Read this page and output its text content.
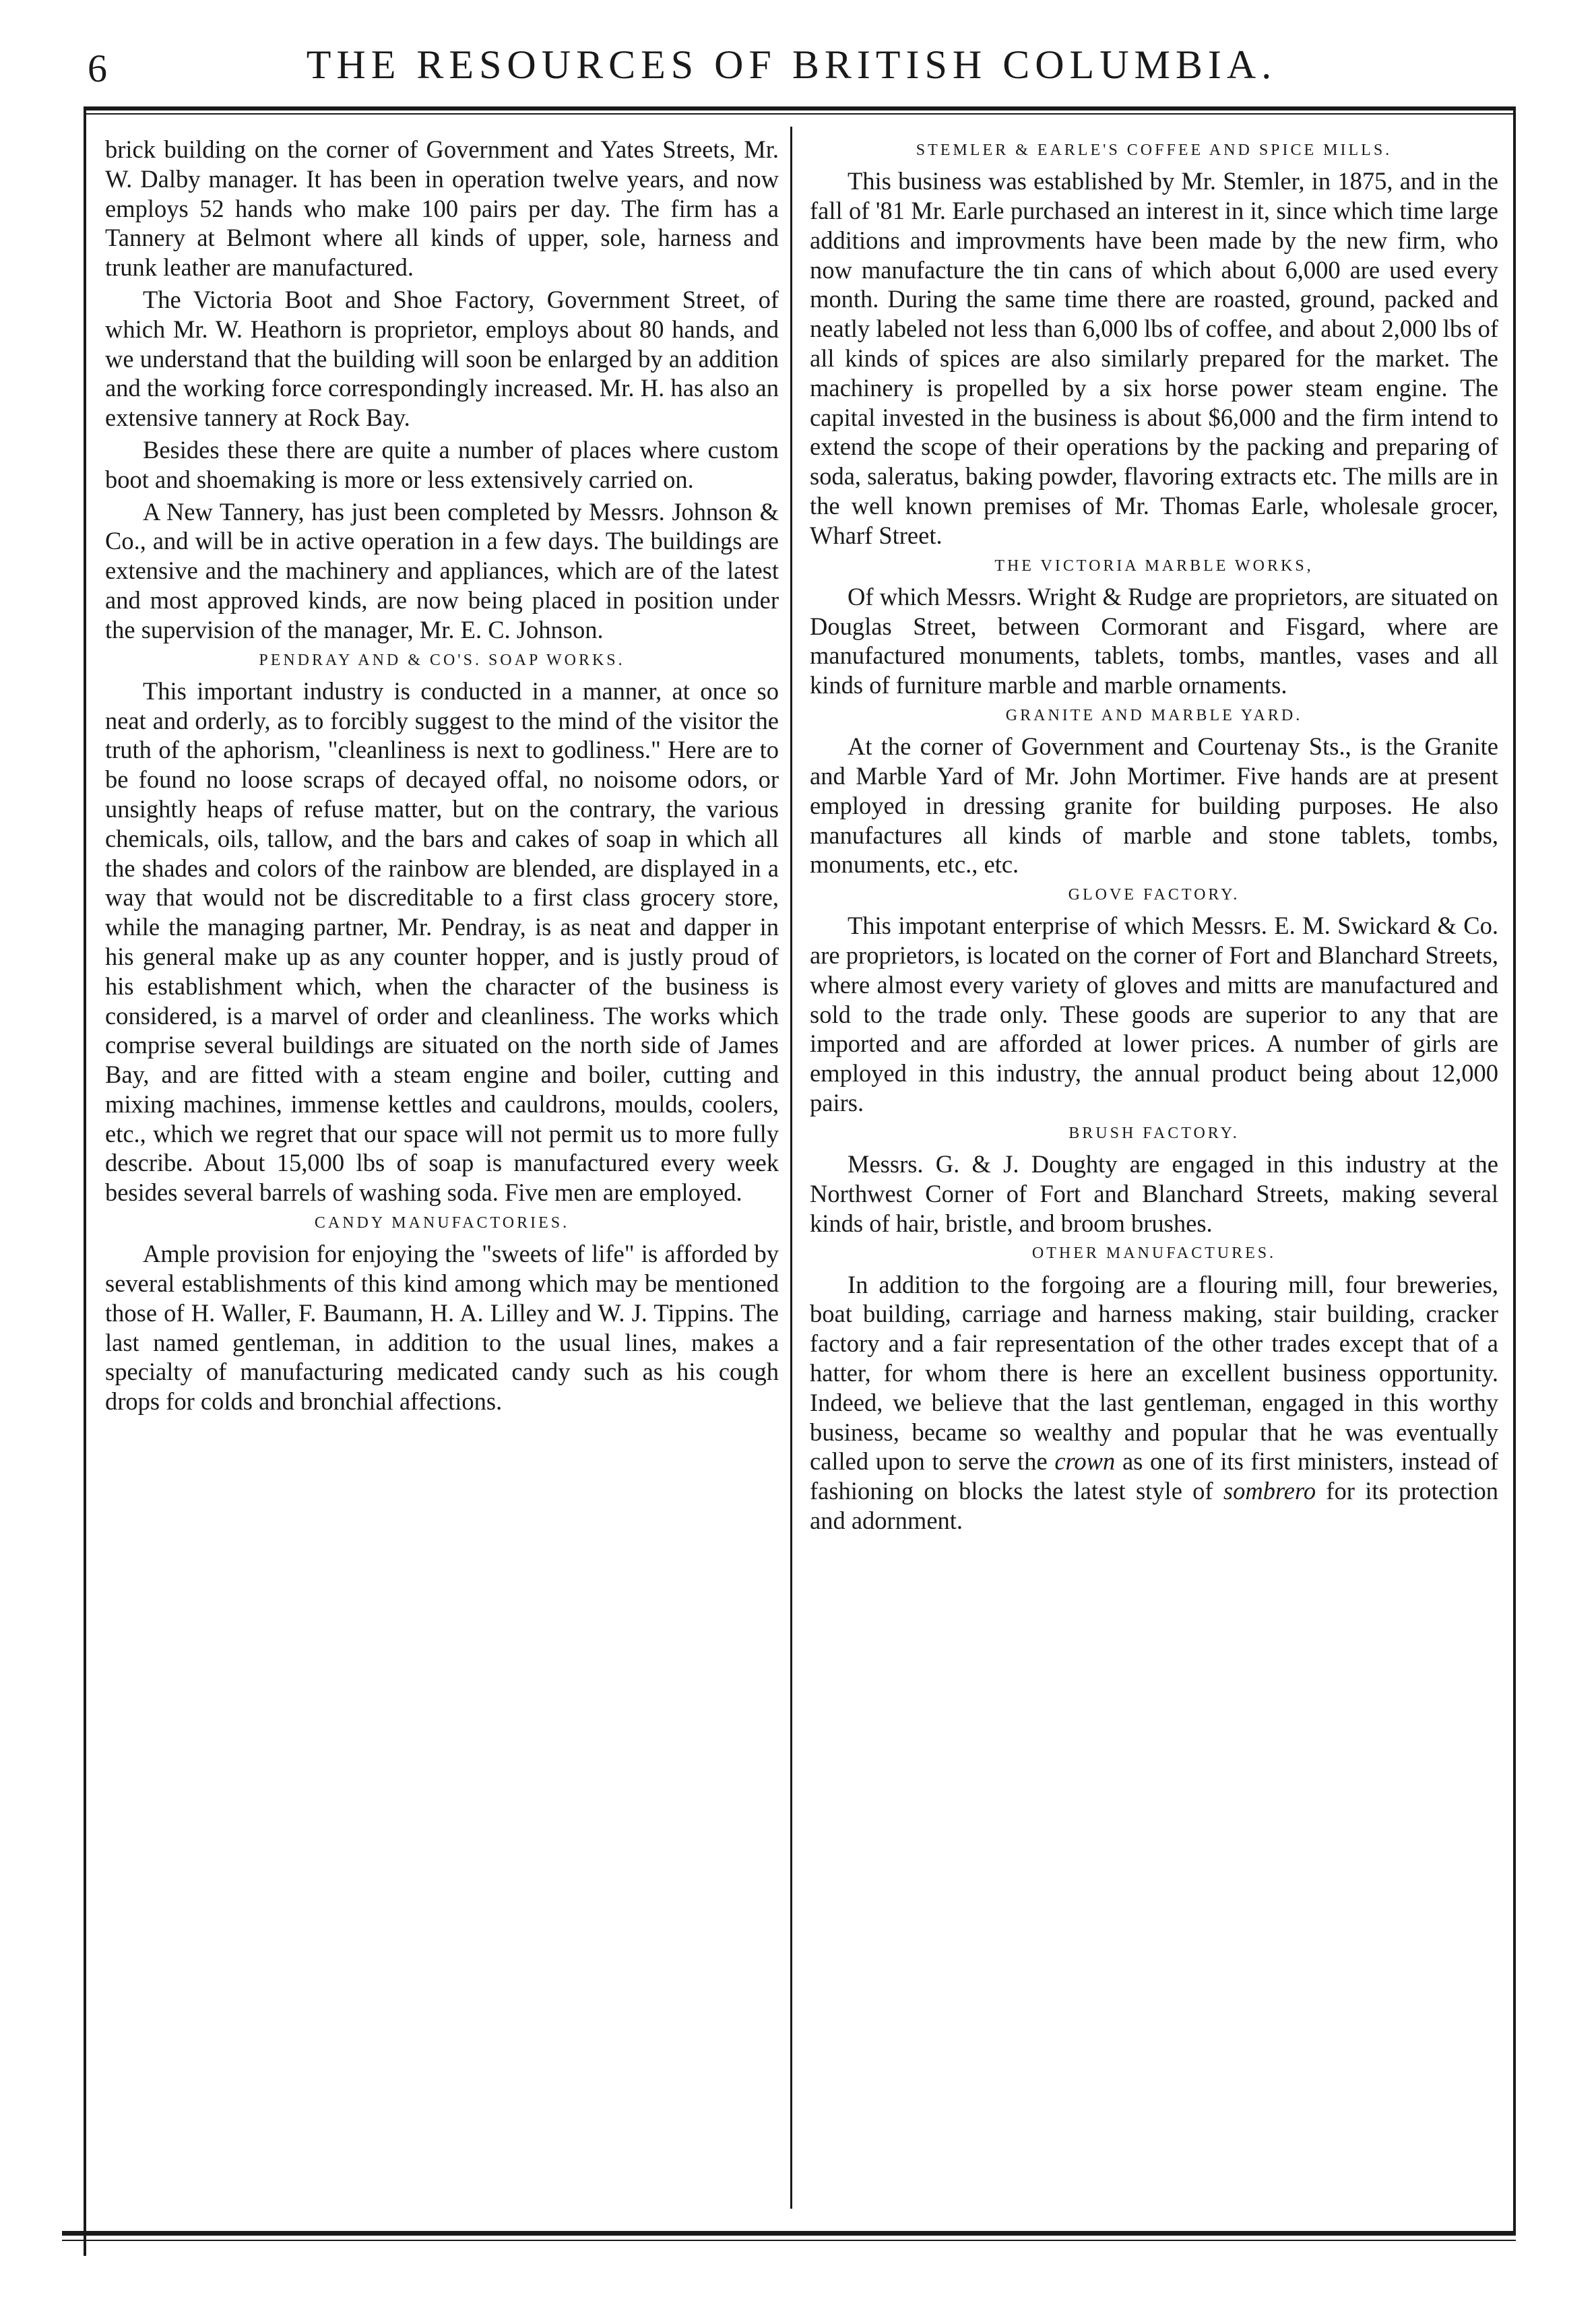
6	THE RESOURCES OF BRITISH COLUMBIA.

brick building on the corner of Government and Yates Streets, Mr. W. Dalby manager. It has been in operation twelve years, and now employs 52 hands who make 100 pairs per day. The firm has a Tannery at Belmont where all kinds of upper, sole, harness and trunk leather are manufactured.

The Victoria Boot and Shoe Factory, Government Street, of which Mr. W. Heathorn is proprietor, employs about 80 hands, and we understand that the building will soon be enlarged by an addition and the working force correspondingly increased. Mr. H. has also an extensive tannery at Rock Bay.

Besides these there are quite a number of places where custom boot and shoemaking is more or less extensively carried on.

A New Tannery, has just been completed by Messrs. Johnson & Co., and will be in active operation in a few days. The buildings are extensive and the machinery and appliances, which are of the latest and most approved kinds, are now being placed in position under the supervision of the manager, Mr. E. C. Johnson.

PENDRAY AND & CO'S. SOAP WORKS.

This important industry is conducted in a manner, at once so neat and orderly, as to forcibly suggest to the mind of the visitor the truth of the aphorism, "cleanliness is next to godliness." Here are to be found no loose scraps of decayed offal, no noisome odors, or unsightly heaps of refuse matter, but on the contrary, the various chemicals, oils, tallow, and the bars and cakes of soap in which all the shades and colors of the rainbow are blended, are displayed in a way that would not be discreditable to a first class grocery store, while the managing partner, Mr. Pendray, is as neat and dapper in his general make up as any counter hopper, and is justly proud of his establishment which, when the character of the business is considered, is a marvel of order and cleanliness. The works which comprise several buildings are situated on the north side of James Bay, and are fitted with a steam engine and boiler, cutting and mixing machines, immense kettles and cauldrons, moulds, coolers, etc., which we regret that our space will not permit us to more fully describe. About 15,000 lbs of soap is manufactured every week besides several barrels of washing soda. Five men are employed.

CANDY MANUFACTORIES.

Ample provision for enjoying the "sweets of life" is afforded by several establishments of this kind among which may be mentioned those of H. Waller, F. Baumann, H. A. Lilley and W. J. Tippins. The last named gentleman, in addition to the usual lines, makes a specialty of manufacturing medicated candy such as his cough drops for colds and bronchial affections.

STEMLER & EARLE'S COFFEE AND SPICE MILLS.

This business was established by Mr. Stemler, in 1875, and in the fall of '81 Mr. Earle purchased an interest in it, since which time large additions and improvments have been made by the new firm, who now manufacture the tin cans of which about 6,000 are used every month. During the same time there are roasted, ground, packed and neatly labeled not less than 6,000 lbs of coffee, and about 2,000 lbs of all kinds of spices are also similarly prepared for the market. The machinery is propelled by a six horse power steam engine. The capital invested in the business is about $6,000 and the firm intend to extend the scope of their operations by the packing and preparing of soda, saleratus, baking powder, flavoring extracts etc. The mills are in the well known premises of Mr. Thomas Earle, wholesale grocer, Wharf Street.

THE VICTORIA MARBLE WORKS,

Of which Messrs. Wright & Rudge are proprietors, are situated on Douglas Street, between Cormorant and Fisgard, where are manufactured monuments, tablets, tombs, mantles, vases and all kinds of furniture marble and marble ornaments.

GRANITE AND MARBLE YARD.

At the corner of Government and Courtenay Sts., is the Granite and Marble Yard of Mr. John Mortimer. Five hands are at present employed in dressing granite for building purposes. He also manufactures all kinds of marble and stone tablets, tombs, monuments, etc., etc.

GLOVE FACTORY.

This impotant enterprise of which Messrs. E. M. Swickard & Co. are proprietors, is located on the corner of Fort and Blanchard Streets, where almost every variety of gloves and mitts are manufactured and sold to the trade only. These goods are superior to any that are imported and are afforded at lower prices. A number of girls are employed in this industry, the annual product being about 12,000 pairs.

BRUSH FACTORY.

Messrs. G. & J. Doughty are engaged in this industry at the Northwest Corner of Fort and Blanchard Streets, making several kinds of hair, bristle, and broom brushes.

OTHER MANUFACTURES.

In addition to the forgoing are a flouring mill, four breweries, boat building, carriage and harness making, stair building, cracker factory and a fair representation of the other trades except that of a hatter, for whom there is here an excellent business opportunity. Indeed, we believe that the last gentleman, engaged in this worthy business, became so wealthy and popular that he was eventually called upon to serve the crown as one of its first ministers, instead of fashioning on blocks the latest style of sombrero for its protection and adornment.
